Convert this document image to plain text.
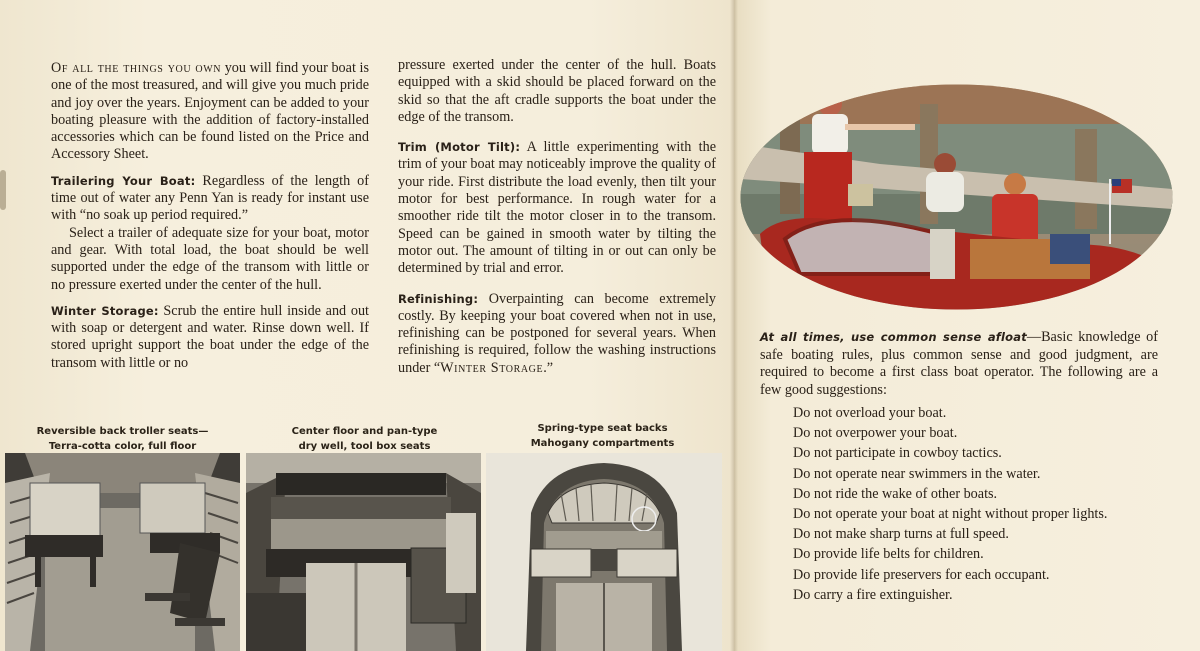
Of all the things you own you will find your boat is one of the most treasured, and will give you much pride and joy over the years. Enjoyment can be added to your boating pleasure with the addition of factory-installed accessories which can be found listed on the Price and Accessory Sheet.

Trailering Your Boat: Regardless of the length of time out of water any Penn Yan is ready for instant use with “no soak up period required.”

Select a trailer of adequate size for your boat, motor and gear. With total load, the boat should be well supported under the edge of the transom with little or no pressure exerted under the center of the hull.

Winter Storage: Scrub the entire hull inside and out with soap or detergent and water. Rinse down well. If stored upright support the boat under the edge of the transom with little or no

pressure exerted under the center of the hull. Boats equipped with a skid should be placed forward on the skid so that the aft cradle supports the boat under the edge of the transom.

Trim (Motor Tilt): A little experimenting with the trim of your boat may noticeably improve the quality of your ride. First distribute the load evenly, then tilt your motor for best performance. In rough water for a smoother ride tilt the motor closer in to the transom. Speed can be gained in smooth water by tilting the motor out. The amount of tilting in or out can only be determined by trial and error.

Refinishing: Overpainting can become extremely costly. By keeping your boat covered when not in use, refinishing can be postponed for several years. When refinishing is required, follow the washing instructions under “Winter Storage.”

Reversible back troller seats—
Terra-cotta color, full floor
Center floor and pan-type
dry well, tool box seats
Spring-type seat backs
Mahogany compartments
At all times, use common sense afloat—Basic knowledge of safe boating rules, plus common sense and good judgment, are required to become a first class boat operator. The following are a few good suggestions:
Do not overload your boat.
Do not overpower your boat.
Do not participate in cowboy tactics.
Do not operate near swimmers in the water.
Do not ride the wake of other boats.
Do not operate your boat at night without proper lights.
Do not make sharp turns at full speed.
Do provide life belts for children.
Do provide life preservers for each occupant.
Do carry a fire extinguisher.
